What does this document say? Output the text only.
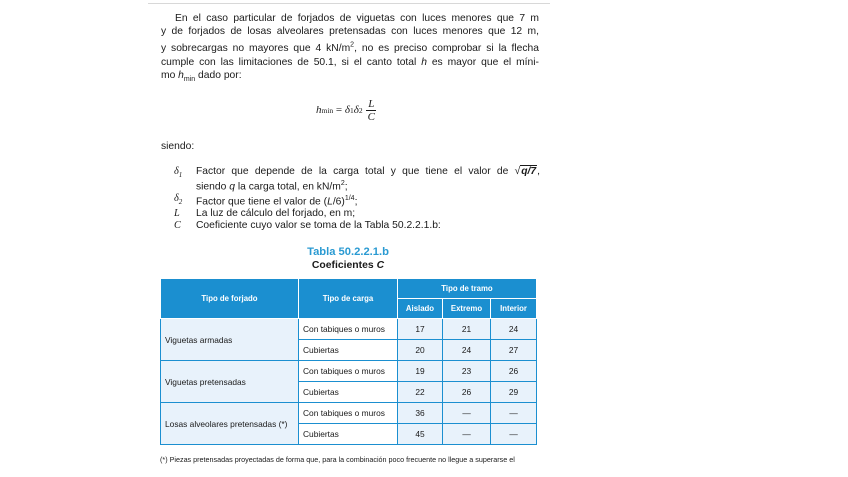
En el caso particular de forjados de viguetas con luces menores que 7 m
y de forjados de losas alveolares pretensadas con luces menores que 12 m,
y sobrecargas no mayores que 4 $kN/m^2$, no es preciso comprobar si la flecha
cumple con las limitaciones de 50.1, si el canto total h es mayor que el míni-
mo $h_{min}$ dado por:
h min = δ 1 δ $2 \frac{L}{C}$
siendo:
$\delta_1$	Factor que depende de la carga total y que tiene el valor de √q/7,
siendo q la carga total, en $kN/m^2$;
$\delta_2$	Factor que tiene el valor de $(L/6)^{1/4}$;
L	La luz de cálculo del forjado, en m;
C	Coeficiente cuyo valor se toma de la Tabla 50.2.2.1.b:
Tabla 50.2.2.1.b
Coeficientes C
Tipo de forjado	Tipo de carga	Tipo de tramo		
		Aislado	Extremo	Interior
Viguetas armadas	Con tabiques o muros	17	21	24
	Cubiertas	20	24	27
Viguetas pretensadas	Con tabiques o muros	19	23	26
	Cubiertas	22	26	29
Losas alveolares pretensadas (*)	Con tabiques o muros	36	—	—
	Cubiertas	45	—	—
(*) Piezas pretensadas proyectadas de forma que, para la combinación poco frecuente no llegue a superarse el
